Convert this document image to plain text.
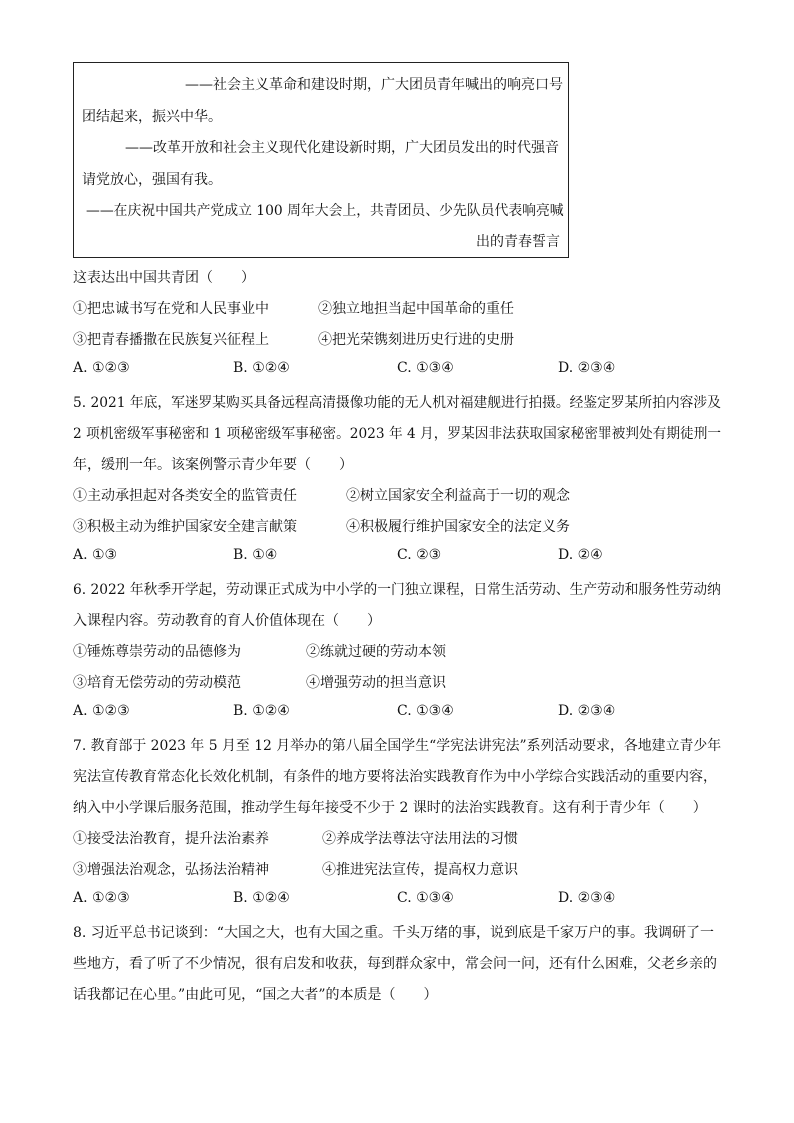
——社会主义革命和建设时期，广大团员青年喊出的响亮口号
团结起来，振兴中华。
——改革开放和社会主义现代化建设新时期，广大团员发出的时代强音
请党放心，强国有我。
——在庆祝中国共产党成立 100 周年大会上，共青团员、少先队员代表响亮喊
出的青春誓言
这表达出中国共青团（　　）
①把忠诚书写在党和人民事业中	②独立地担当起中国革命的重任
③把青春播撒在民族复兴征程上	④把光荣镌刻进历史行进的史册
A. ①②③	B. ①②④	C. ①③④	D. ②③④
5. 2021 年底，军迷罗某购买具备远程高清摄像功能的无人机对福建舰进行拍摄。经鉴定罗某所拍内容涉及
2 项机密级军事秘密和 1 项秘密级军事秘密。2023 年 4 月，罗某因非法获取国家秘密罪被判处有期徒刑一
年，缓刑一年。该案例警示青少年要（　　）
①主动承担起对各类安全的监管责任	②树立国家安全利益高于一切的观念
③积极主动为维护国家安全建言献策	④积极履行维护国家安全的法定义务
A. ①③	B. ①④	C. ②③	D. ②④
6. 2022 年秋季开学起，劳动课正式成为中小学的一门独立课程，日常生活劳动、生产劳动和服务性劳动纳
入课程内容。劳动教育的育人价值体现在（　　）
①锤炼尊崇劳动的品德修为	②练就过硬的劳动本领
③培育无偿劳动的劳动模范	④增强劳动的担当意识
A. ①②③	B. ①②④	C. ①③④	D. ②③④
7. 教育部于 2023 年 5 月至 12 月举办的第八届全国学生“学宪法讲宪法”系列活动要求，各地建立青少年
宪法宣传教育常态化长效化机制，有条件的地方要将法治实践教育作为中小学综合实践活动的重要内容，
纳入中小学课后服务范围，推动学生每年接受不少于 2 课时的法治实践教育。这有利于青少年（　　）
①接受法治教育，提升法治素养	②养成学法尊法守法用法的习惯
③增强法治观念，弘扬法治精神	④推进宪法宣传，提高权力意识
A. ①②③	B. ①②④	C. ①③④	D. ②③④
8. 习近平总书记谈到：“大国之大，也有大国之重。千头万绪的事，说到底是千家万户的事。我调研了一
些地方，看了听了不少情况，很有启发和收获，每到群众家中，常会问一问，还有什么困难，父老乡亲的
话我都记在心里。”由此可见，“国之大者”的本质是（　　）
